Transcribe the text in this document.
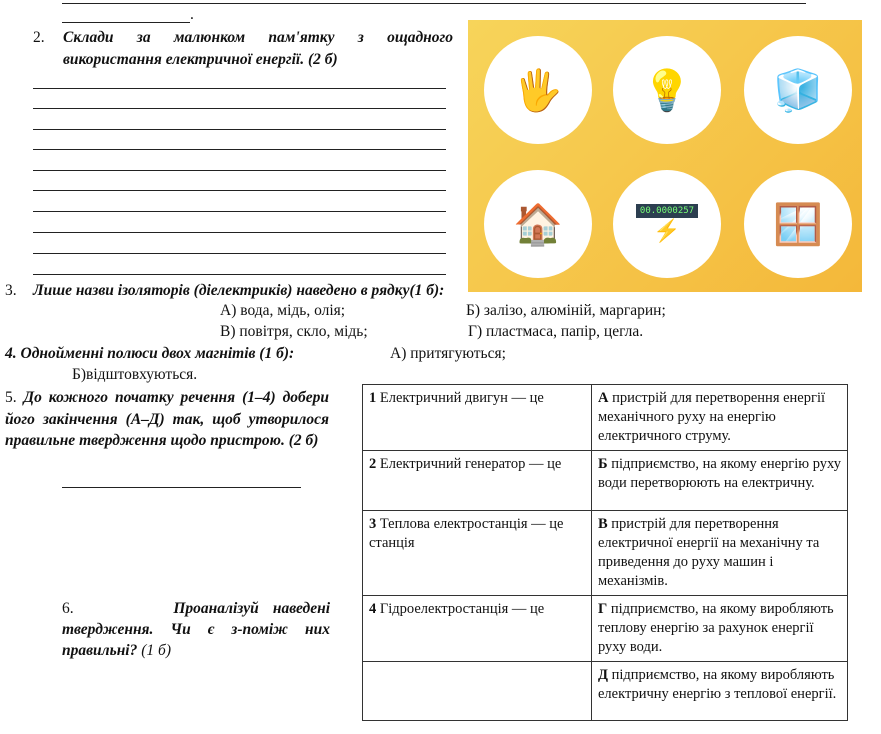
.
2. Склади за малюнком пам'ятку з ощадного використання електричної енергії. (2 б)
🖐	💡	🧊
🏠	00.0000257
⚡	🪟
3. Лише назви ізоляторів (діелектриків) наведено в рядку(1 б):
А) вода, мідь, олія;	Б) залізо, алюміній, маргарин;
В) повітря, скло, мідь;	Г) пластмаса, папір, цегла.
4. Однойменні полюси двох магнітів (1 б):	А) притягуються;
Б)відштовхуються.
5. До кожного початку речення (1–4) добери його закінчення (А–Д) так, щоб утворилося правильне твердження щодо пристрою. (2 б)
6.	Проаналізуй наведені твердження. Чи є з-поміж них правильні? (1 б)
1 Електричний двигун — це	А пристрій для перетворення енергії механічного руху на енергію електричного струму.
2 Електричний генератор — це	Б підприємство, на якому енергію руху води перетворюють на електричну.
3 Теплова електростанція — це станція	В пристрій для перетворення електричної енергії на механічну та приведення до руху машин і механізмів.
4 Гідроелектростанція — це	Г підприємство, на якому виробляють теплову енергію за рахунок енергії руху води.
	Д підприємство, на якому виробляють електричну енергію з теплової енергії.
